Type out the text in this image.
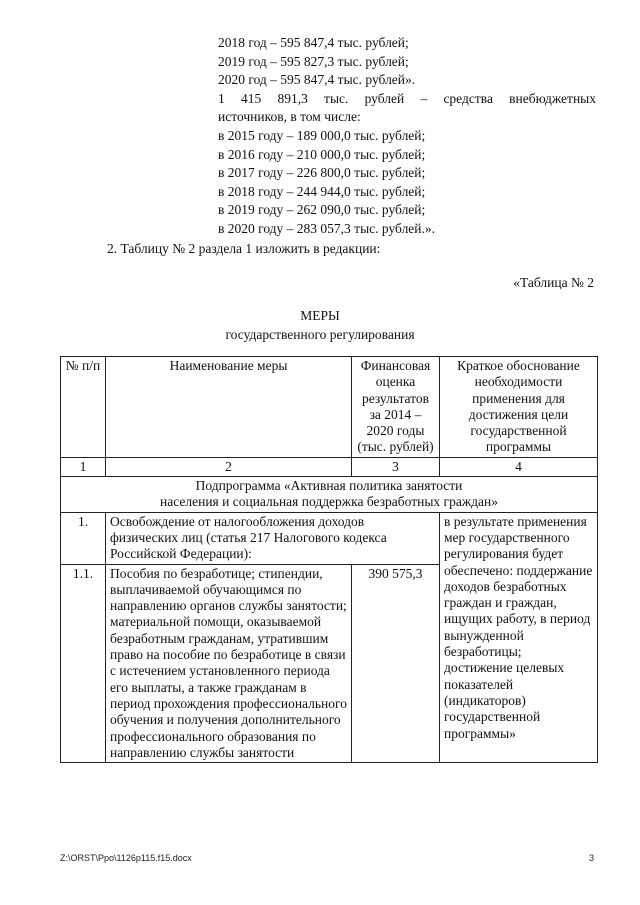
2018 год – 595 847,4 тыс. рублей;
2019 год – 595 827,3 тыс. рублей;
2020 год – 595 847,4 тыс. рублей».
1 415 891,3 тыс. рублей – средства внебюджетных
источников, в том числе:
в 2015 году – 189 000,0 тыс. рублей;
в 2016 году – 210 000,0 тыс. рублей;
в 2017 году – 226 800,0 тыс. рублей;
в 2018 году – 244 944,0 тыс. рублей;
в 2019 году – 262 090,0 тыс. рублей;
в 2020 году – 283 057,3 тыс. рублей.».
2. Таблицу № 2 раздела 1 изложить в редакции:
«Таблица № 2
МЕРЫ
государственного регулирования
№ п/п	Наименование меры	Финансовая оценка результатов за 2014 – 2020 годы (тыс. рублей)	Краткое обоснование необходимости применения для достижения цели государственной программы
1	2	3	4

Подпрограмма «Активная политика занятости
населения и социальная поддержка безработных граждан»			

1.	Освобождение от налогообложения доходов физических лиц (статья 217 Налогового кодекса Российской Федерации):		в результате применения мер государственного регулирования будет обеспечено: поддержание доходов безработных граждан и граждан, ищущих работу, в период вынужденной безработицы; достижение целевых показателей (индикаторов) государственной программы»
1.1.	Пособия по безработице; стипендии, выплачиваемой обучающимся по направлению органов службы занятости; материальной помощи, оказываемой безработным гражданам, утратившим право на пособие по безработице в связи с истечением установленного периода его выплаты, а также гражданам в период прохождения профессионального обучения и получения дополнительного профессионального образования по направлению службы занятости	390 575,3	
Z:\ORST\Ppo\1126p115.f15.docx	3
